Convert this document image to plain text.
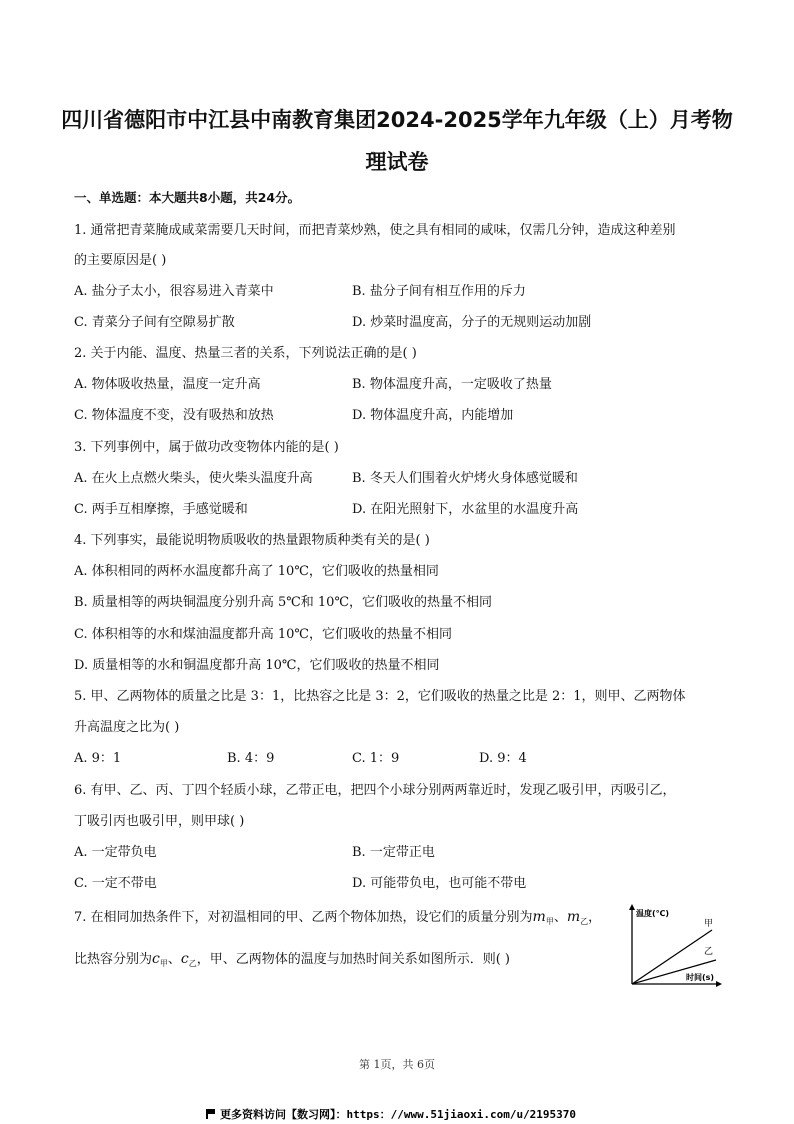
四川省德阳市中江县中南教育集团2024-2025学年九年级（上）月考物
理试卷
一、单选题：本大题共8小题，共24分。
1. 通常把青菜腌成咸菜需要几天时间，而把青菜炒熟，使之具有相同的咸味，仅需几分钟，造成这种差别
的主要原因是( )
A. 盐分子太小，很容易进入青菜中	B. 盐分子间有相互作用的斥力
C. 青菜分子间有空隙易扩散	D. 炒菜时温度高，分子的无规则运动加剧
2. 关于内能、温度、热量三者的关系，下列说法正确的是( )
A. 物体吸收热量，温度一定升高	B. 物体温度升高，一定吸收了热量
C. 物体温度不变，没有吸热和放热	D. 物体温度升高，内能增加
3. 下列事例中，属于做功改变物体内能的是( )
A. 在火上点燃火柴头，使火柴头温度升高	B. 冬天人们围着火炉烤火身体感觉暖和
C. 两手互相摩擦，手感觉暖和	D. 在阳光照射下，水盆里的水温度升高
4. 下列事实，最能说明物质吸收的热量跟物质种类有关的是( )
A. 体积相同的两杯水温度都升高了 10℃，它们吸收的热量相同
B. 质量相等的两块铜温度分别升高 5℃和 10℃，它们吸收的热量不相同
C. 体积相等的水和煤油温度都升高 10℃，它们吸收的热量不相同
D. 质量相等的水和铜温度都升高 10℃，它们吸收的热量不相同
5. 甲、乙两物体的质量之比是 3：1，比热容之比是 3：2，它们吸收的热量之比是 2：1，则甲、乙两物体
升高温度之比为( )
A. 9：1	B. 4：9	C. 1：9	D. 9：4
6. 有甲、乙、丙、丁四个轻质小球，乙带正电，把四个小球分别两两靠近时，发现乙吸引甲，丙吸引乙，
丁吸引丙也吸引甲，则甲球( )
A. 一定带负电	B. 一定带正电
C. 一定不带电	D. 可能带负电，也可能不带电
7. 在相同加热条件下，对初温相同的甲、乙两个物体加热，设它们的质量分别为$m_甲$、$m_乙$，
比热容分别为$c_甲$、$c_乙$，甲、乙两物体的温度与加热时间关系如图所示．则( )
温度(℃)
时间(s)
甲
乙
第 1页，共 6页
更多资料访问【数习网】：https：//www.51jiaoxi.com/u/2195370
